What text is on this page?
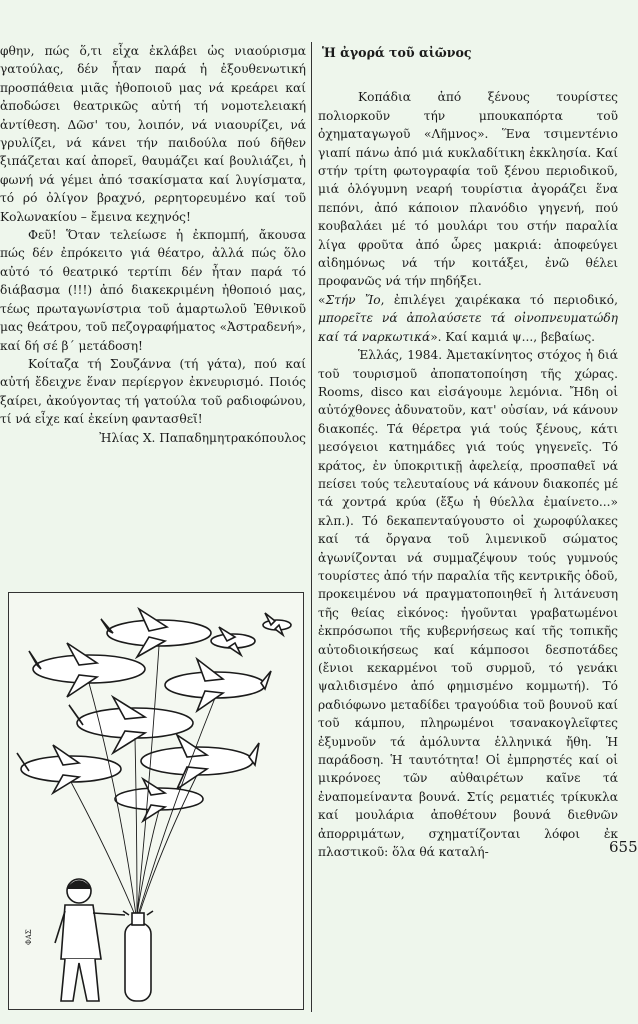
φθην, πώς ὅ,τι εἶχα ἐκλάβει ὡς νιαούρισμα γατούλας, δέν ἦταν παρά ἡ ἐξουθενωτική προσπάθεια μιᾶς ἠθοποιοῦ μας νά κρεάρει καί ἀποδώσει θεατρικῶς αὐτή τή νομοτελειακή ἀντίθεση. Δῶσ' του, λοιπόν, νά νιαουρίζει, νά γρυλίζει, νά κάνει τήν παιδούλα πού δῆθεν ξιπάζεται καί ἀπορεῖ, θαυμάζει καί βουλιάζει, ἡ φωνή νά γέμει ἀπό τσακίσματα καί λυγίσματα, τό ρό ὀλίγον βραχνό, ρερητορευμένο καί τοῦ Κολωνακίου – ἔμεινα κεχηνός!

Φεῦ! Ὅταν τελείωσε ἡ ἐκπομπή, ἄκουσα πώς δέν ἐπρόκειτο γιά θέατρο, ἀλλά πώς ὅλο αὐτό τό θεατρικό τερτίπι δέν ἦταν παρά τό διάβασμα (!!!) ἀπό διακεκριμένη ἠθοποιό μας, τέως πρωταγωνίστρια τοῦ ἁμαρτωλοῦ Ἐθνικοῦ μας θεάτρου, τοῦ πεζογραφήματος «Ἀστραδενή», καί δή σέ β΄ μετάδοση!

Κοίταζα τή Σουζάννα (τή γάτα), πού καί αὐτή ἔδειχνε ἕναν περίεργον ἐκνευρισμό. Ποιός ξαίρει, ἀκούγοντας τή γατούλα τοῦ ραδιοφώνου, τί νά εἶχε καί ἐκείνη φαντασθεῖ!

Ἠλίας Χ. Παπαδημητρακόπουλος

Ἡ ἀγορά τοῦ αἰῶνος

Κοπάδια ἀπό ξένους τουρίστες πολιορκοῦν τήν μπουκαπόρτα τοῦ ὀχηματαγωγοῦ «Λῆμνος». Ἕνα τσιμεντένιο γιαπί πάνω ἀπό μιά κυκλαδίτικη ἐκκλησία. Καί στήν τρίτη φωτογραφία τοῦ ξένου περιοδικοῦ, μιά ὁλόγυμνη νεαρή τουρίστια ἀγοράζει ἕνα πεπόνι, ἀπό κάποιον πλανόδιο γηγενή, πού κουβαλάει μέ τό μουλάρι του στήν παραλία λίγα φροῦτα ἀπό ὧρες μακριά: ἀποφεύγει αἰδημόνως νά τήν κοιτάξει, ἐνῶ θέλει προφανῶς νά τήν πηδήξει.

«Στήν Ἴο, ἐπιλέγει χαιρέκακα τό περιοδικό, μπορεῖτε νά ἀπολαύσετε τά οἰνοπνευματώδη καί τά ναρκωτικά». Καί καμιά ψ..., βεβαίως.

Ἑλλάς, 1984. Ἀμετακίνητος στόχος ἡ διά τοῦ τουρισμοῦ ἀποπατοποίηση τῆς χώρας. Rooms, disco και εἰσάγουμε λεμόνια. Ἤδη οἱ αὐτόχθονες ἀδυνατοῦν, κατ' οὐσίαν, νά κάνουν διακοπές. Τά θέρετρα γιά τούς ξένους, κάτι μεσόγειοι κατημάδες γιά τούς γηγενεῖς. Τό κράτος, ἐν ὑποκριτικῇ ἀφελείᾳ, προσπαθεῖ νά πείσει τούς τελευταίους νά κάνουν διακοπές μέ τά χοντρά κρύα (ἔξω ἡ θύελλα ἐμαίνετο...» κλπ.). Τό δεκαπενταύγουστο οἱ χωροφύλακες καί τά ὄργανα τοῦ λιμενικοῦ σώματος ἀγωνίζονται νά συμμαζέψουν τούς γυμνούς τουρίστες ἀπό τήν παραλία τῆς κεντρικῆς ὁδοῦ, προκειμένου νά πραγματοποιηθεῖ ἡ λιτάνευση τῆς θείας εἰκόνος: ἡγοῦνται γραβατωμένοι ἐκπρόσωποι τῆς κυβερνήσεως καί τῆς τοπικῆς αὐτοδιοικήσεως καί κάμποσοι δεσποτάδες (ἔνιοι κεκαρμένοι τοῦ συρμοῦ, τό γενάκι ψαλιδισμένο ἀπό φημισμένο κομμωτή). Τό ραδιόφωνο μεταδίδει τραγούδια τοῦ βουνοῦ καί τοῦ κάμπου, πληρωμένοι τσανακογλεῖφτες ἐξυμνοῦν τά ἀμόλυντα ἑλληνικά ἤθη. Ἡ παράδοση. Ἡ ταυτότητα! Οἱ ἐμπρηστές καί οἱ μικρόνοες τῶν αὐθαιρέτων καῖνε τά ἐναπομείναντα βουνά. Στίς ρεματιές τρίκυκλα καί μουλάρια ἀποθέτουν βουνά διεθνῶν ἀπορριμάτων, σχηματίζονται λόφοι ἐκ πλαστικοῦ: ὅλα θά καταλή-	655
ΦΑΣ
